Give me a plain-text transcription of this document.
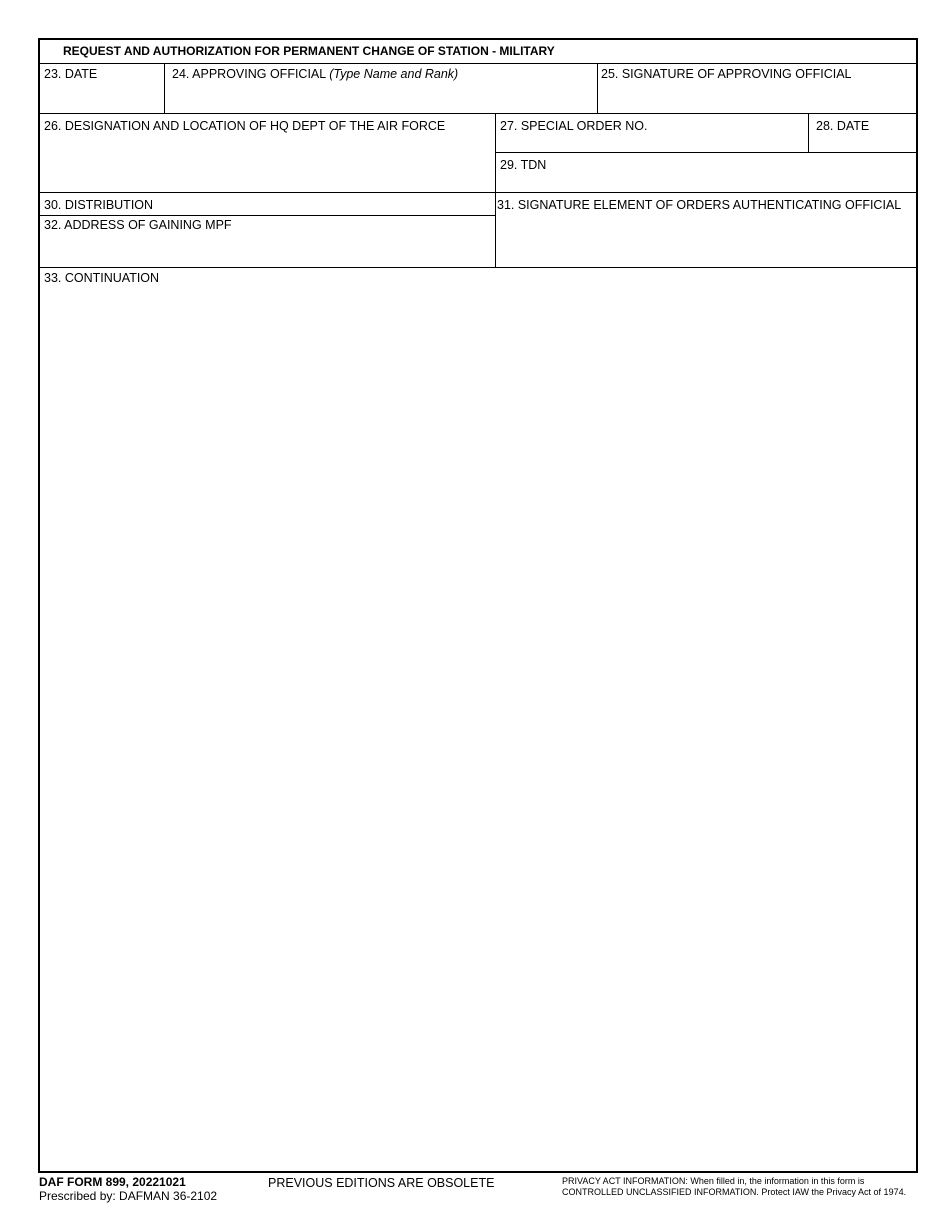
REQUEST AND AUTHORIZATION FOR PERMANENT CHANGE OF STATION - MILITARY
23. DATE	24. APPROVING OFFICIAL (Type Name and Rank)	25. SIGNATURE OF APPROVING OFFICIAL
26. DESIGNATION AND LOCATION OF HQ DEPT OF THE AIR FORCE	27. SPECIAL ORDER NO.	28. DATE
29. TDN
30. DISTRIBUTION	31. SIGNATURE ELEMENT OF ORDERS AUTHENTICATING OFFICIAL
32. ADDRESS OF GAINING MPF
33. CONTINUATION
DAF FORM 899, 20221021
Prescribed by: DAFMAN 36-2102
PREVIOUS EDITIONS ARE OBSOLETE	PRIVACY ACT INFORMATION: When filled in, the information in this form is
CONTROLLED UNCLASSIFIED INFORMATION. Protect IAW the Privacy Act of 1974.
